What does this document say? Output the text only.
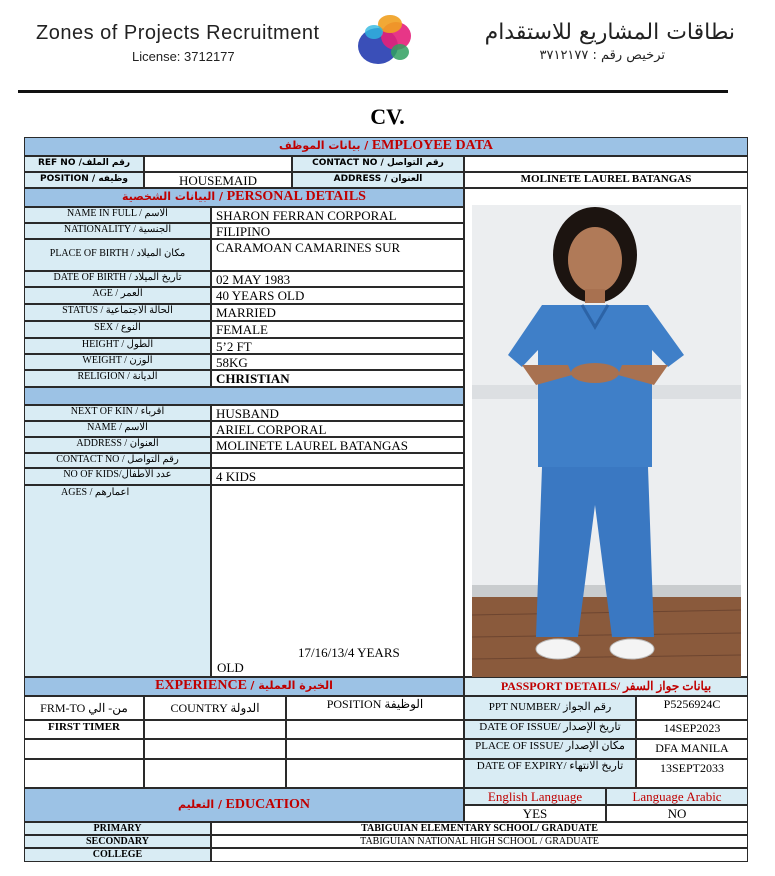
Zones of Projects Recruitment
License: 3712177
نطاقات المشاريع للاستقدام
ترخيص رقم : ٣٧١٢١٧٧
CV.
بيانات الموظف / EMPLOYEE DATA
REF NO /رقم الملف	CONTACT NO / رقم التواصل
POSITION / وظيفه	HOUSEMAID	ADDRESS / العنوان	MOLINETE LAUREL BATANGAS
البيانات الشخصية / PERSONAL DETAILS
NAME IN FULL / الاسم	SHARON FERRAN CORPORAL
NATIONALITY / الجنسية	FILIPINO
PLACE OF BIRTH / مكان الميلاد	CARAMOAN CAMARINES SUR
DATE OF BIRTH / تاريخ الميلاد	02 MAY 1983
AGE / العمر	40 YEARS OLD
STATUS / الحالة الاجتماعية	MARRIED
SEX / النوع	FEMALE
HEIGHT / الطول	5’2 FT
WEIGHT / الوزن	58KG
RELIGION / الديانة	CHRISTIAN
NEXT OF KIN / اقرباء	HUSBAND
NAME / الاسم	ARIEL CORPORAL
ADDRESS / العنوان	MOLINETE LAUREL BATANGAS
CONTACT NO / رقم التواصل
NO OF KIDS/عدد الأطفال	4 KIDS
AGES / اعمارهم
17/16/13/4 YEARS
OLD
EXPERIENCE / الخبرة العملية
FRM-TO من- الي	COUNTRY الدولة	POSITION الوظيفة
FIRST TIMER
PASSPORT DETAILS/ بيانات جواز السفر
PPT NUMBER/ رقم الجواز	P5256924C
DATE OF ISSUE/ تاريخ الإصدار	14SEP2023
PLACE OF ISSUE/ مكان الإصدار	DFA MANILA
DATE OF EXPIRY/ تاريخ الانتهاء	13SEPT2033
التعليم / EDUCATION
English Language	Language Arabic
YES	NO
PRIMARY	TABIGUIAN ELEMENTARY SCHOOL/ GRADUATE
SECONDARY	TABIGUIAN NATIONAL HIGH SCHOOL / GRADUATE
COLLEGE
